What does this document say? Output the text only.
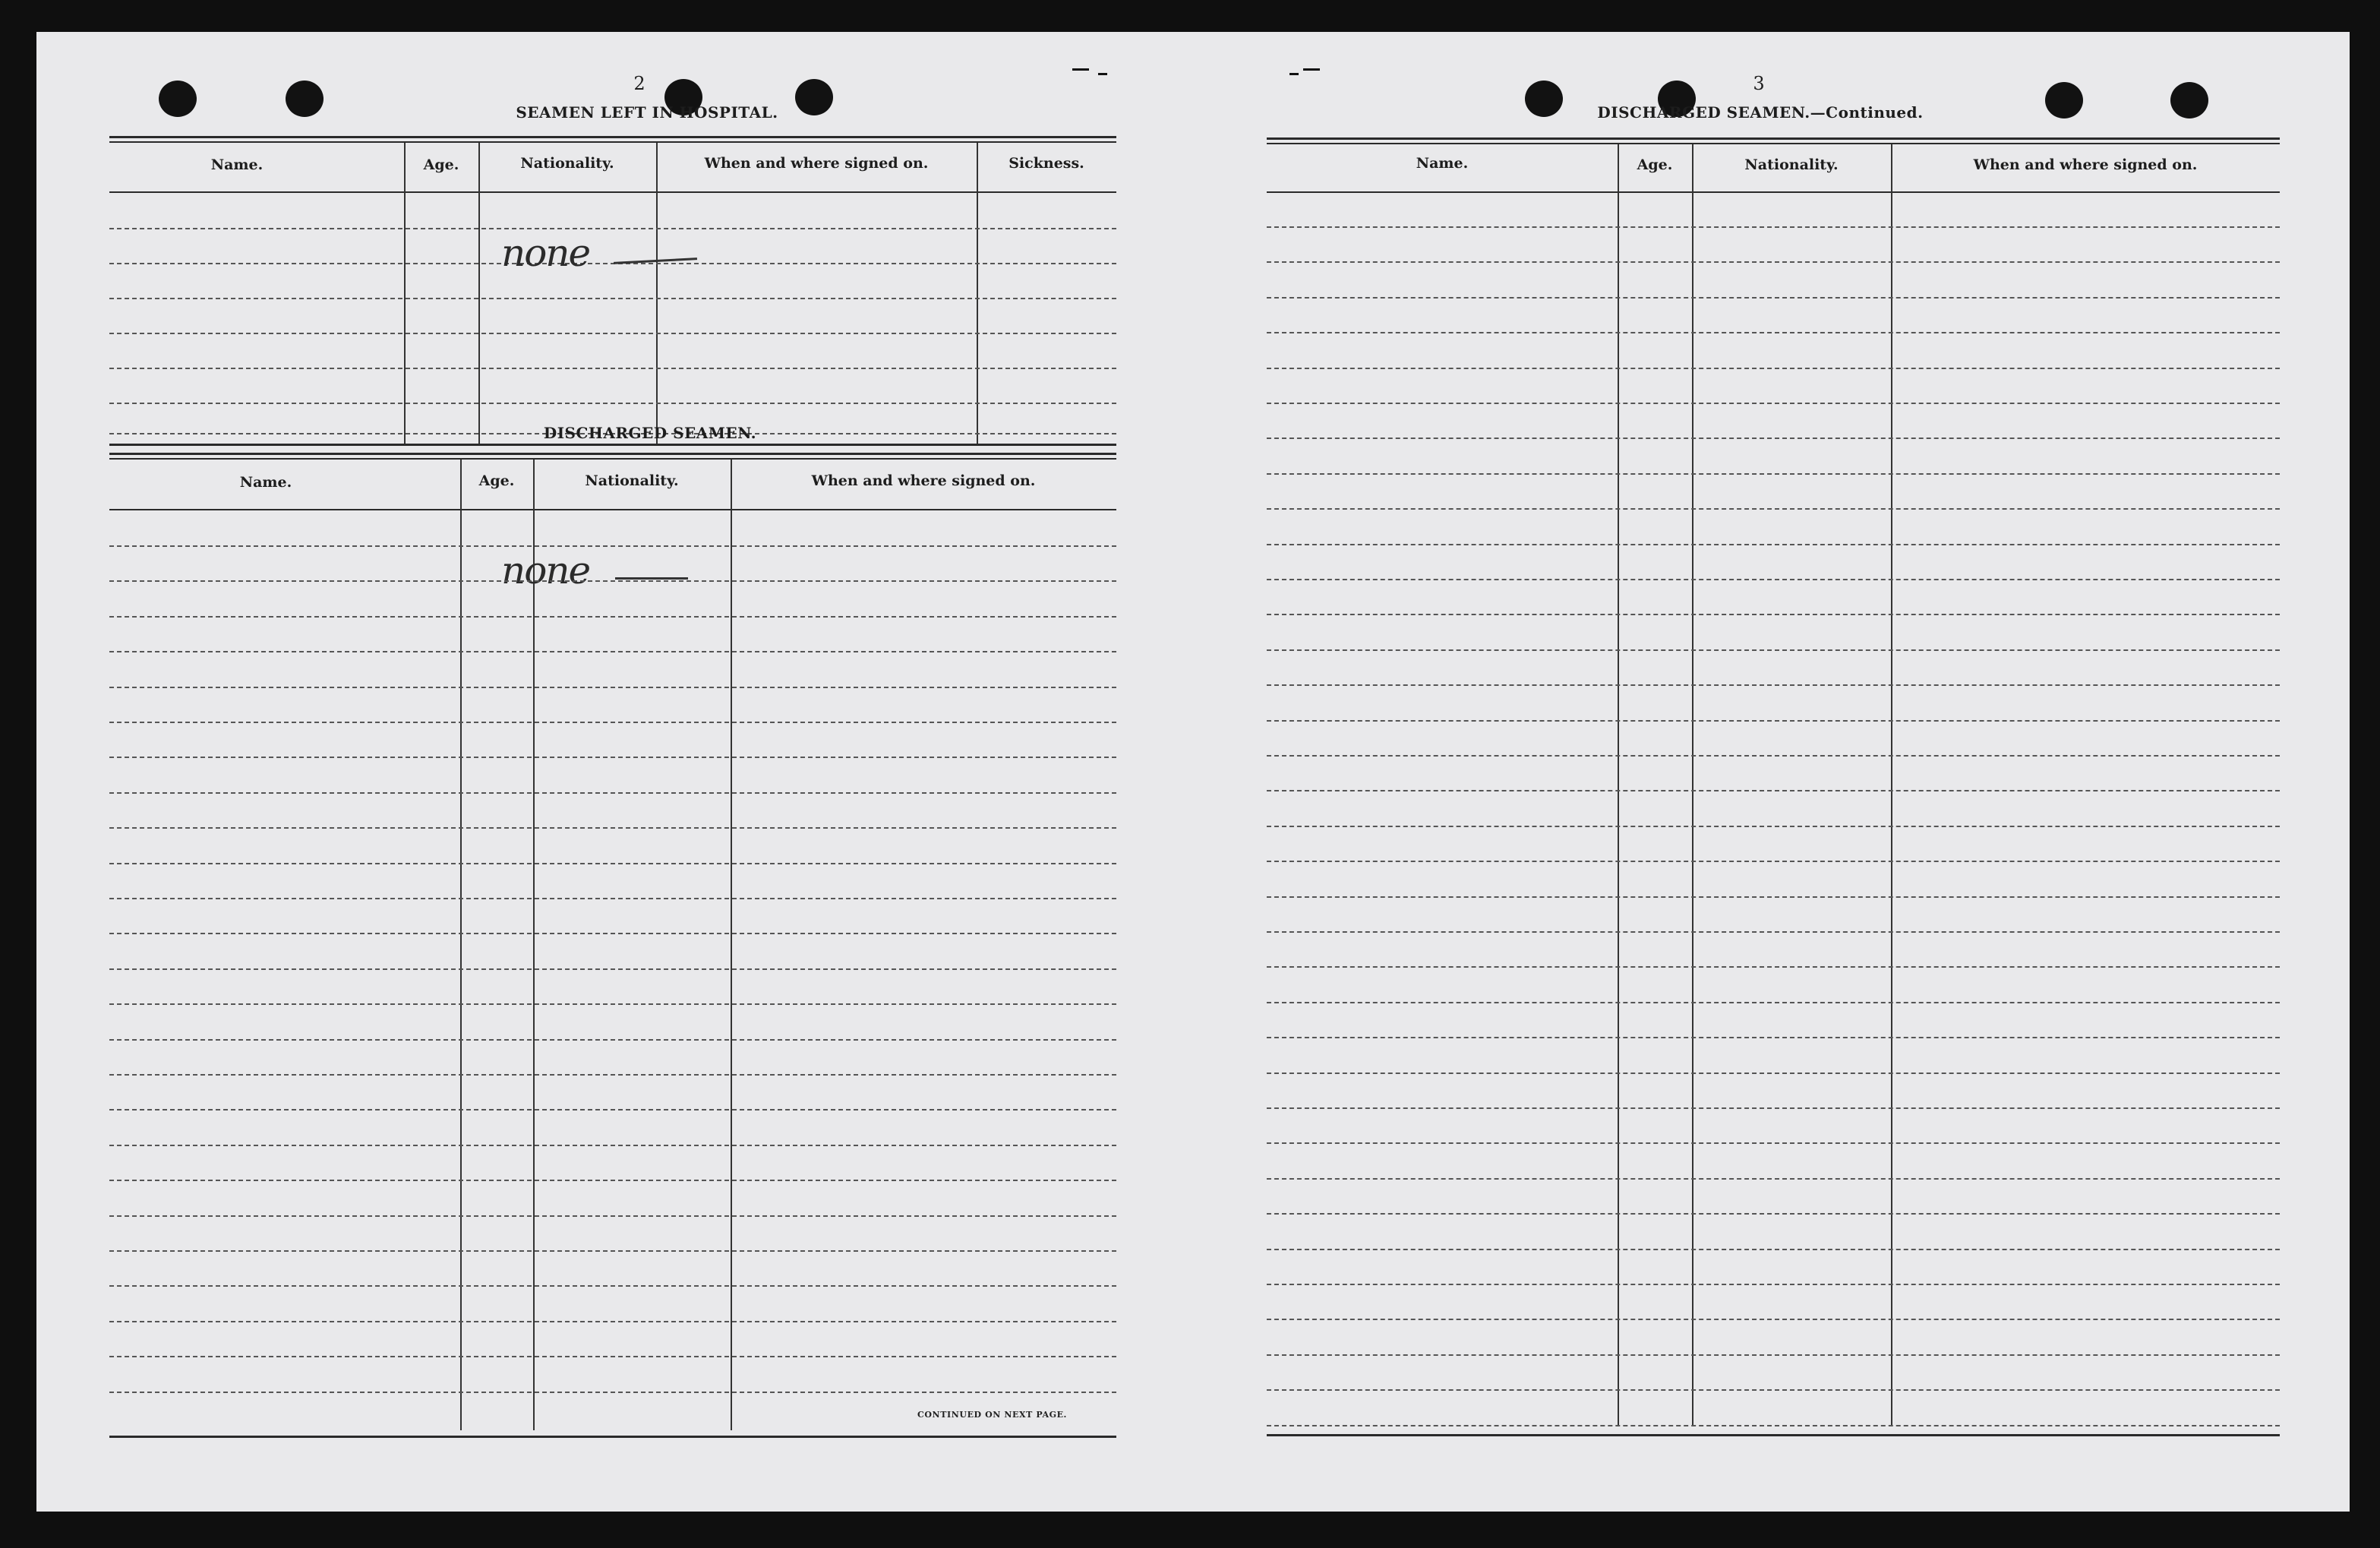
2
SEAMEN LEFT IN HOSPITAL.
Name.	Age.	Nationality.	When and where signed on.	Sickness.
none
DISCHARGED SEAMEN.
Name.	Age.	Nationality.	When and where signed on.
none
CONTINUED ON NEXT PAGE.
3
DISCHARGED SEAMEN.—Continued.
Name.	Age.	Nationality.	When and where signed on.
